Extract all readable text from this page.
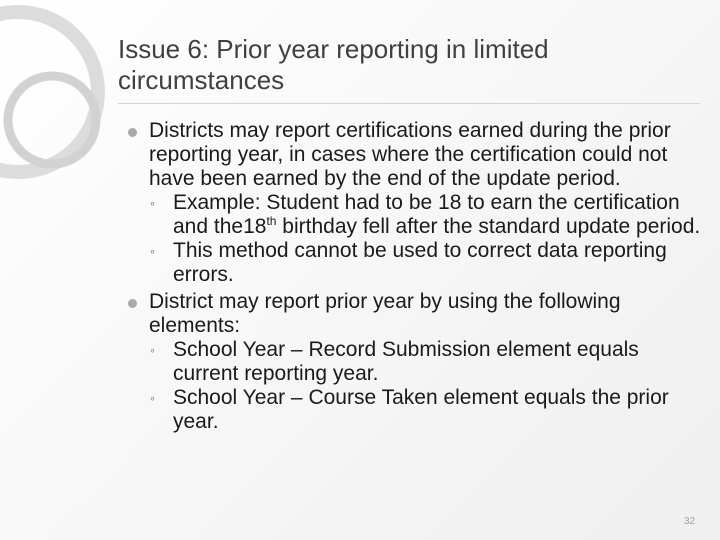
Issue 6: Prior year reporting in limited circumstances
Districts may report certifications earned during the prior reporting year, in cases where the certification could not have been earned by the end of the update period.
◦ Example: Student had to be 18 to earn the certification and the18th birthday fell after the standard update period.
◦ This method cannot be used to correct data reporting errors.
District may report prior year by using the following elements:
◦ School Year – Record Submission element equals current reporting year.
◦ School Year – Course Taken element equals the prior year.
32
